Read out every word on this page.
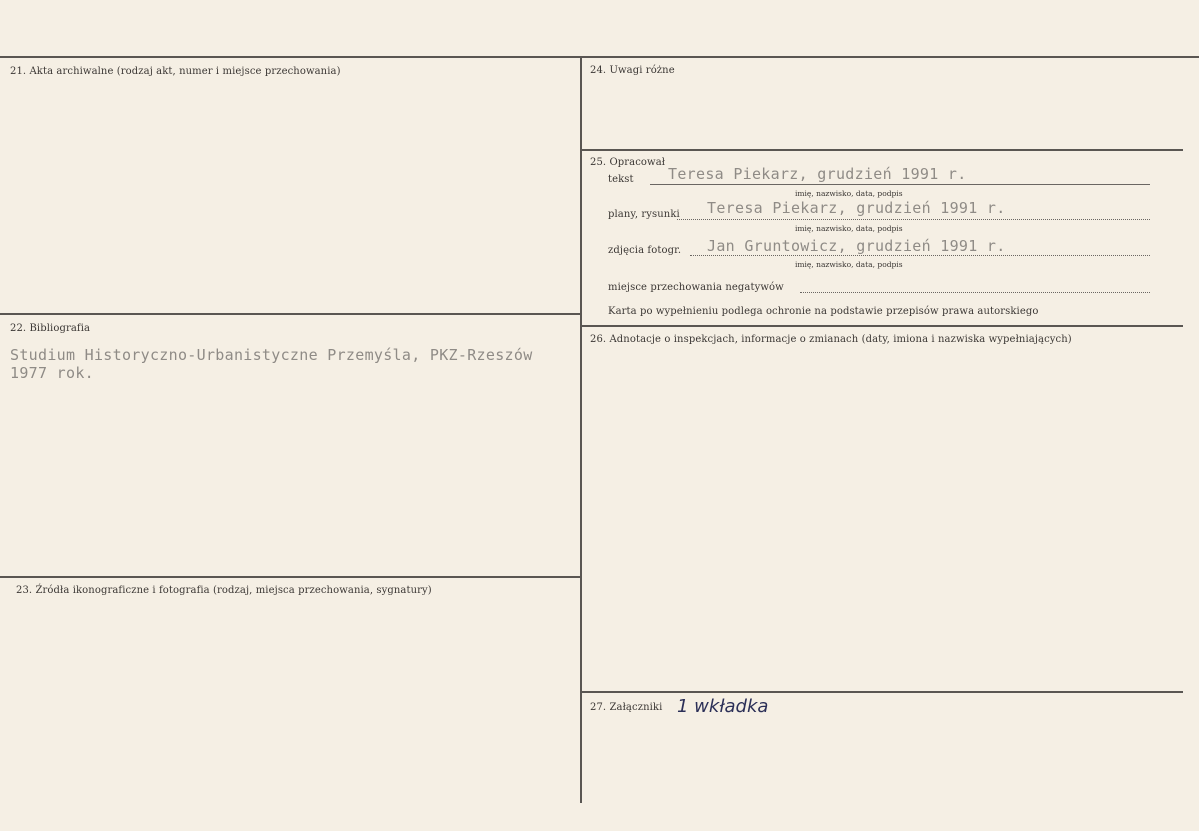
21. Akta archiwalne (rodzaj akt, numer i miejsce przechowania)
22. Bibliografia
Studium Historyczno-Urbanistyczne Przemyśla, PKZ-Rzeszów
1977 rok.
23. Źródła ikonograficzne i fotografia (rodzaj, miejsca przechowania, sygnatury)
24. Uwagi różne
25. Opracował
tekst Teresa Piekarz, grudzień 1991 r.
imię, nazwisko, data, podpis
plany, rysunki Teresa Piekarz, grudzień 1991 r.
imię, nazwisko, data, podpis
zdjęcia fotogr. Jan Gruntowicz, grudzień 1991 r.
imię, nazwisko, data, podpis
miejsce przechowania negatywów
Karta po wypełnieniu podlega ochronie na podstawie przepisów prawa autorskiego
26. Adnotacje o inspekcjach, informacje o zmianach (daty, imiona i nazwiska wypełniających)
27. Załączniki 1 wkładka
